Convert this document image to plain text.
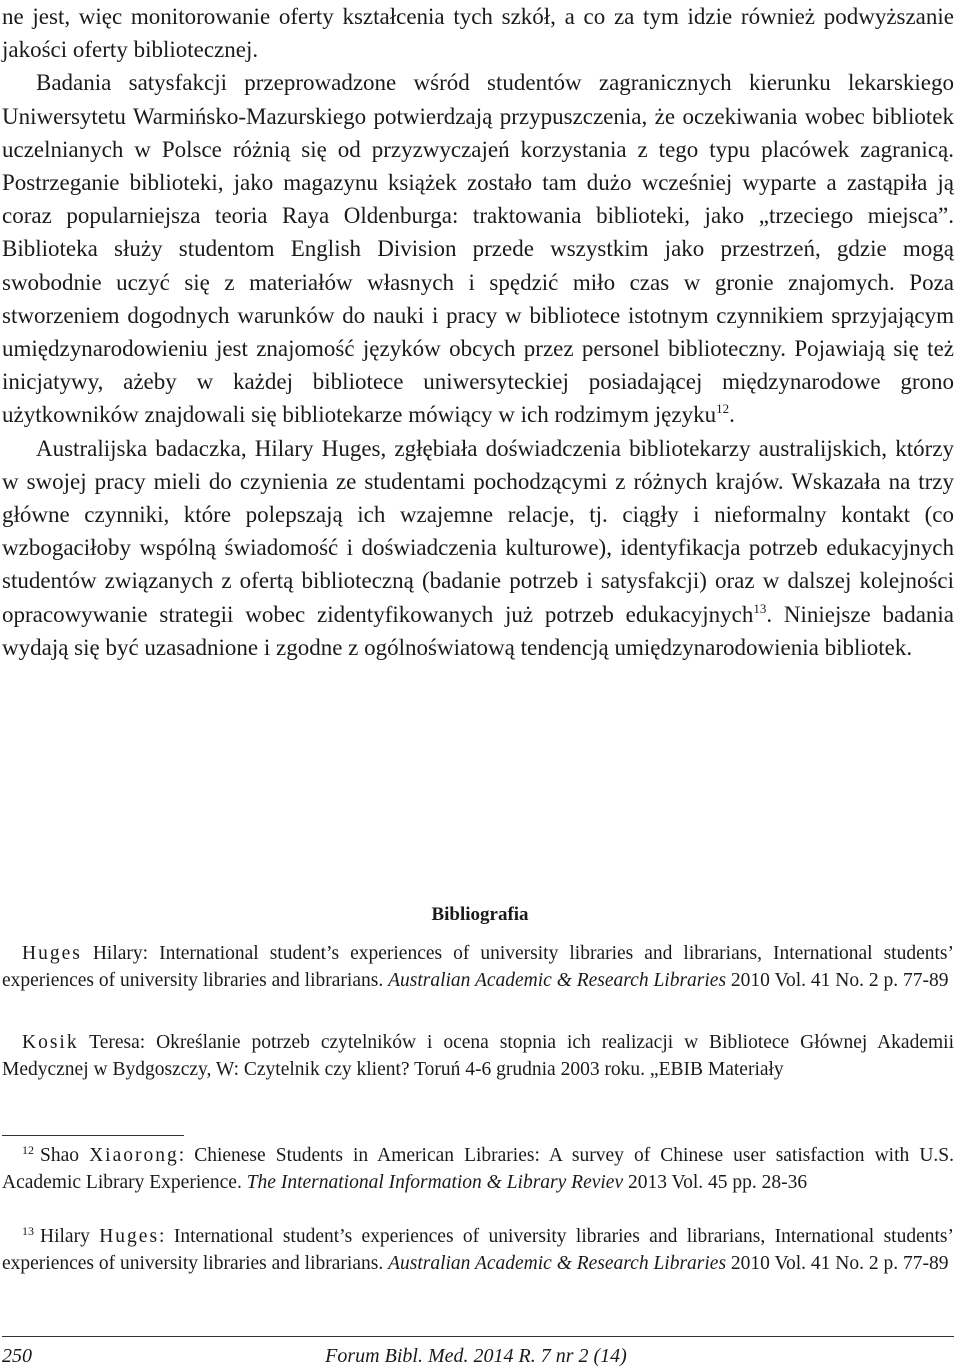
ne jest, więc monitorowanie oferty kształcenia tych szkół, a co za tym idzie również podwyższanie jakości oferty bibliotecznej.

Badania satysfakcji przeprowadzone wśród studentów zagranicznych kierunku lekarskiego Uniwersytetu Warmińsko-Mazurskiego potwierdzają przypuszczenia, że oczekiwania wobec bibliotek uczelnianych w Polsce różnią się od przyzwyczajeń korzystania z tego typu placówek zagranicą. Postrzeganie biblioteki, jako magazynu książek zostało tam dużo wcześniej wyparte a zastąpiła ją coraz popularniejsza teoria Raya Oldenburga: traktowania biblioteki, jako „trzeciego miejsca”. Biblioteka służy studentom English Division przede wszystkim jako przestrzeń, gdzie mogą swobodnie uczyć się z materiałów własnych i spędzić miło czas w gronie znajomych. Poza stworzeniem dogodnych warunków do nauki i pracy w bibliotece istotnym czynnikiem sprzyjającym umiędzynarodowieniu jest znajomość języków obcych przez personel biblioteczny. Pojawiają się też inicjatywy, ażeby w każdej bibliotece uniwersyteckiej posiadającej międzynarodowe grono użytkowników znajdowali się bibliotekarze mówiący w ich rodzimym języku$^{12}$.

Australijska badaczka, Hilary Huges, zgłębiała doświadczenia bibliotekarzy australijskich, którzy w swojej pracy mieli do czynienia ze studentami pochodzącymi z różnych krajów. Wskazała na trzy główne czynniki, które polepszają ich wzajemne relacje, tj. ciągły i nieformalny kontakt (co wzbogaciłoby wspólną świadomość i doświadczenia kulturowe), identyfikacja potrzeb edukacyjnych studentów związanych z ofertą biblioteczną (badanie potrzeb i satysfakcji) oraz w dalszej kolejności opracowywanie strategii wobec zidentyfikowanych już potrzeb edukacyjnych$^{13}$. Niniejsze badania wydają się być uzasadnione i zgodne z ogólnoświatową tendencją umiędzynarodowienia bibliotek.

Bibliografia

Huges Hilary: International student’s experiences of university libraries and librarians, International students’ experiences of university libraries and librarians. Australian Academic & Research Libraries 2010 Vol. 41 No. 2 p. 77-89

Kosik Teresa: Określanie potrzeb czytelników i ocena stopnia ich realizacji w Bibliotece Głównej Akademii Medycznej w Bydgoszczy, W: Czytelnik czy klient? Toruń 4-6 grudnia 2003 roku. „EBIB Materiały

$^{12}$ Shao Xiaorong: Chienese Students in American Libraries: A survey of Chinese user satisfaction with U.S. Academic Library Experience. The International Information & Library Reviev 2013 Vol. 45 pp. 28-36

$^{13}$ Hilary Huges: International student’s experiences of university libraries and librarians, International students’ experiences of university libraries and librarians. Australian Academic & Research Libraries 2010 Vol. 41 No. 2 p. 77-89

Forum Bibl. Med. 2014 R. 7 nr 2 (14)
250
